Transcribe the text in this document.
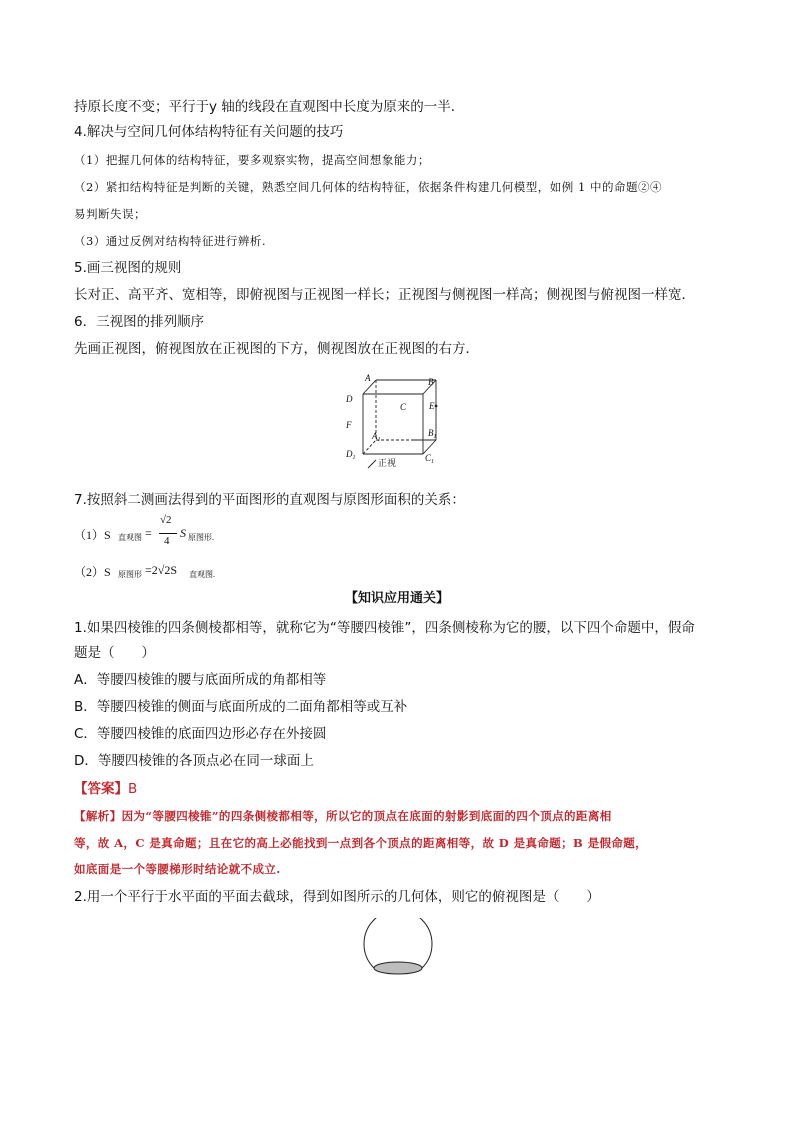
持原长度不变；平行于y 轴的线段在直观图中长度为原来的一半．
4.解决与空间几何体结构特征有关问题的技巧
（1）把握几何体的结构特征，要多观察实物，提高空间想象能力；
（2）紧扣结构特征是判断的关键，熟悉空间几何体的结构特征，依据条件构建几何模型，如例 1 中的命题②④
易判断失误；
（3）通过反例对结构特征进行辨析.
5.画三视图的规则
长对正、高平齐、宽相等，即俯视图与正视图一样长；正视图与侧视图一样高；侧视图与俯视图一样宽．
6．三视图的排列顺序
先画正视图，俯视图放在正视图的下方，侧视图放在正视图的右方．
A	B
D
C	E
F
$A_1$
$B_1$
$D_1$	$C_1$
正视
7.按照斜二测画法得到的平面图形的直观图与原图形面积的关系：
（1）S 直观图 =
√2
4
S 原图形.
（2）S 原图形 =2√2S 直观图.
【知识应用通关】
1.如果四棱锥的四条侧棱都相等，就称它为“等腰四棱锥”，四条侧棱称为它的腰，以下四个命题中，假命
题是（　　）
A．等腰四棱锥的腰与底面所成的角都相等
B．等腰四棱锥的侧面与底面所成的二面角都相等或互补
C．等腰四棱锥的底面四边形必存在外接圆
D．等腰四棱锥的各顶点必在同一球面上
【答案】B
【解析】因为“等腰四棱锥”的四条侧棱都相等，所以它的顶点在底面的射影到底面的四个顶点的距离相
等，故 A，C 是真命题；且在它的高上必能找到一点到各个顶点的距离相等，故 D 是真命题；B 是假命题，
如底面是一个等腰梯形时结论就不成立.
2.用一个平行于水平面的平面去截球，得到如图所示的几何体，则它的俯视图是（　　）
